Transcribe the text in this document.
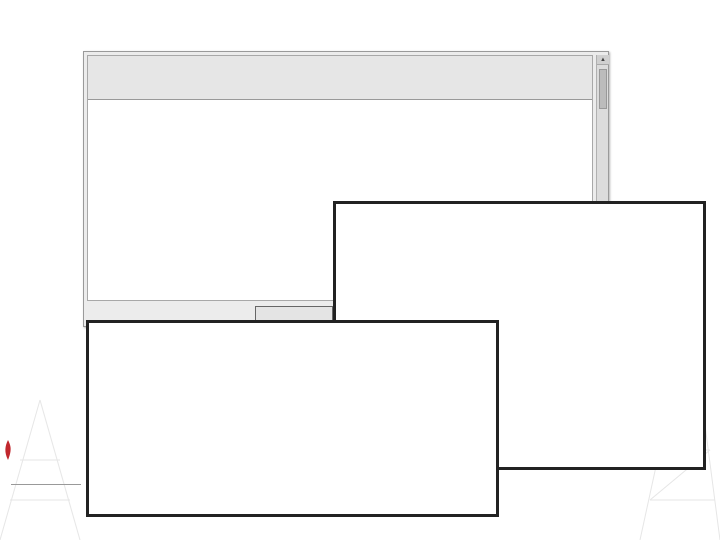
▲
